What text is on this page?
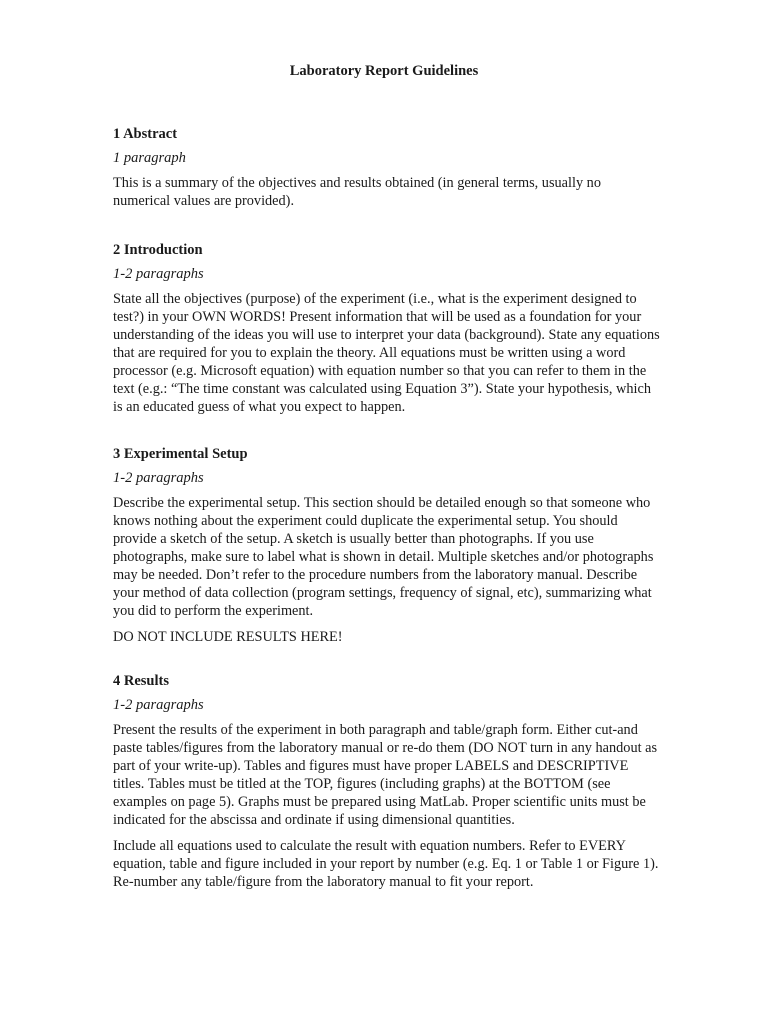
Laboratory Report Guidelines
1 Abstract
1 paragraph

This is a summary of the objectives and results obtained (in general terms, usually no numerical values are provided).

2 Introduction
1-2 paragraphs

State all the objectives (purpose) of the experiment (i.e., what is the experiment designed to test?) in your OWN WORDS! Present information that will be used as a foundation for your understanding of the ideas you will use to interpret your data (background). State any equations that are required for you to explain the theory. All equations must be written using a word processor (e.g. Microsoft equation) with equation number so that you can refer to them in the text (e.g.: “The time constant was calculated using Equation 3”). State your hypothesis, which is an educated guess of what you expect to happen.

3 Experimental Setup
1-2 paragraphs

Describe the experimental setup. This section should be detailed enough so that someone who knows nothing about the experiment could duplicate the experimental setup. You should provide a sketch of the setup. A sketch is usually better than photographs. If you use photographs, make sure to label what is shown in detail. Multiple sketches and/or photographs may be needed. Don’t refer to the procedure numbers from the laboratory manual. Describe your method of data collection (program settings, frequency of signal, etc), summarizing what you did to perform the experiment.

DO NOT INCLUDE RESULTS HERE!

4 Results
1-2 paragraphs

Present the results of the experiment in both paragraph and table/graph form. Either cut-and paste tables/figures from the laboratory manual or re-do them (DO NOT turn in any handout as part of your write-up). Tables and figures must have proper LABELS and DESCRIPTIVE titles. Tables must be titled at the TOP, figures (including graphs) at the BOTTOM (see examples on page 5). Graphs must be prepared using MatLab. Proper scientific units must be indicated for the abscissa and ordinate if using dimensional quantities.

Include all equations used to calculate the result with equation numbers. Refer to EVERY equation, table and figure included in your report by number (e.g. Eq. 1 or Table 1 or Figure 1). Re-number any table/figure from the laboratory manual to fit your report.
